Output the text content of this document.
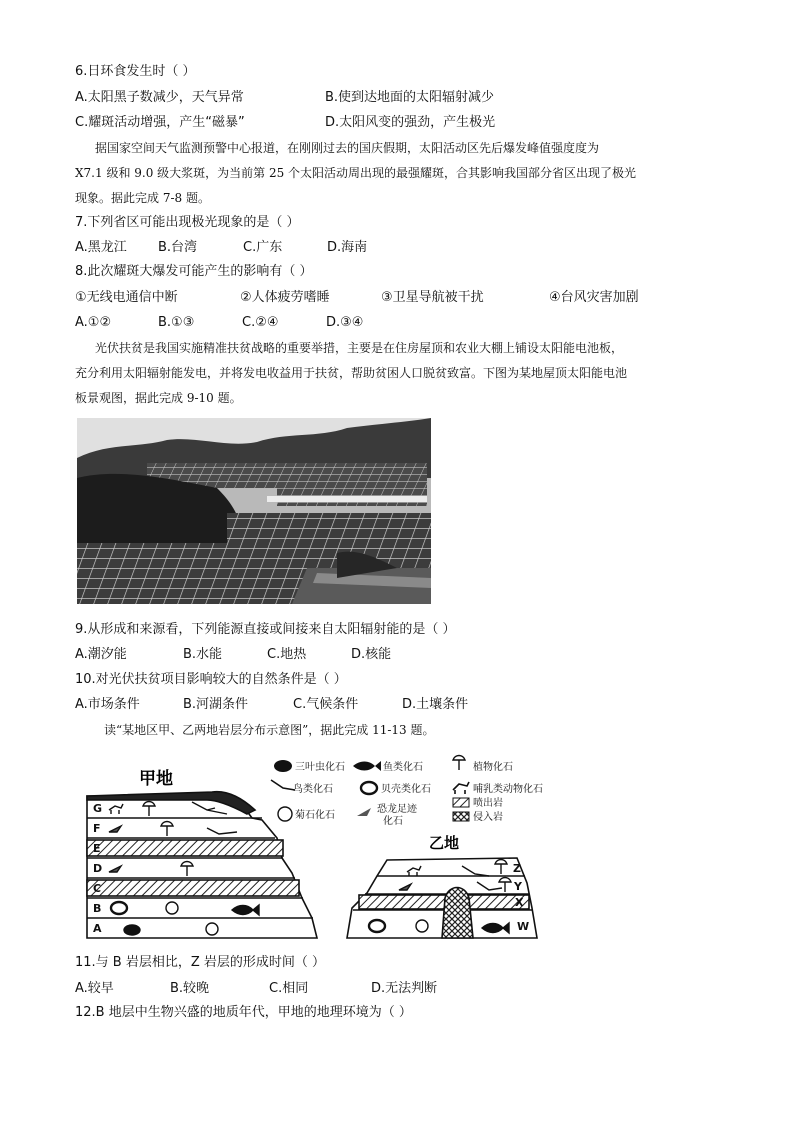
6.日环食发生时（ ）
A.太阳黑子数减少，天气异常	B.使到达地面的太阳辐射减少
C.耀斑活动增强，产生“磁暴”	D.太阳风变的强劲，产生极光
据国家空间天气监测预警中心报道，在刚刚过去的国庆假期，太阳活动区先后爆发峰值强度度为
X7.1 级和 9.0 级大浆斑，为当前第 25 个太阳活动周出现的最强耀斑，合其影响我国部分省区出现了极光
现象。据此完成 7-8 题。
7.下列省区可能出现极光现象的是（ ）
A.黑龙江	B.台湾	C.广东	D.海南
8.此次耀斑大爆发可能产生的影响有（ ）
①无线电通信中断	②人体疲劳嗜睡	③卫星导航被干扰	④台风灾害加剧
A.①②	B.①③	C.②④	D.③④
光伏扶贫是我国实施精准扶贫战略的重要举措，主要是在住房屋顶和农业大棚上铺设太阳能电池板，
充分利用太阳辐射能发电，并将发电收益用于扶贫，帮助贫困人口脱贫致富。下图为某地屋顶太阳能电池
板景观图，据此完成 9-10 题。
9.从形成和来源看，下列能源直接或间接来自太阳辐射能的是（ ）
A.潮汐能	B.水能	C.地热	D.核能
10.对光伏扶贫项目影响较大的自然条件是（ ）
A.市场条件	B.河湖条件	C.气候条件	D.土壤条件
读“某地区甲、乙两地岩层分布示意图”，据此完成 11-13 题。
甲地
G
F
E
D
C
B
A
乙地
Z
Y
X
W
三叶虫化石	鱼类化石	植物化石
鸟类化石	贝壳类化石	哺乳类动物化石
菊石化石
恐龙足迹
化石
喷出岩
侵入岩
11.与 B 岩层相比，Z 岩层的形成时间（ ）
A.较早	B.较晚	C.相同	D.无法判断
12.B 地层中生物兴盛的地质年代，甲地的地理环境为（ ）
